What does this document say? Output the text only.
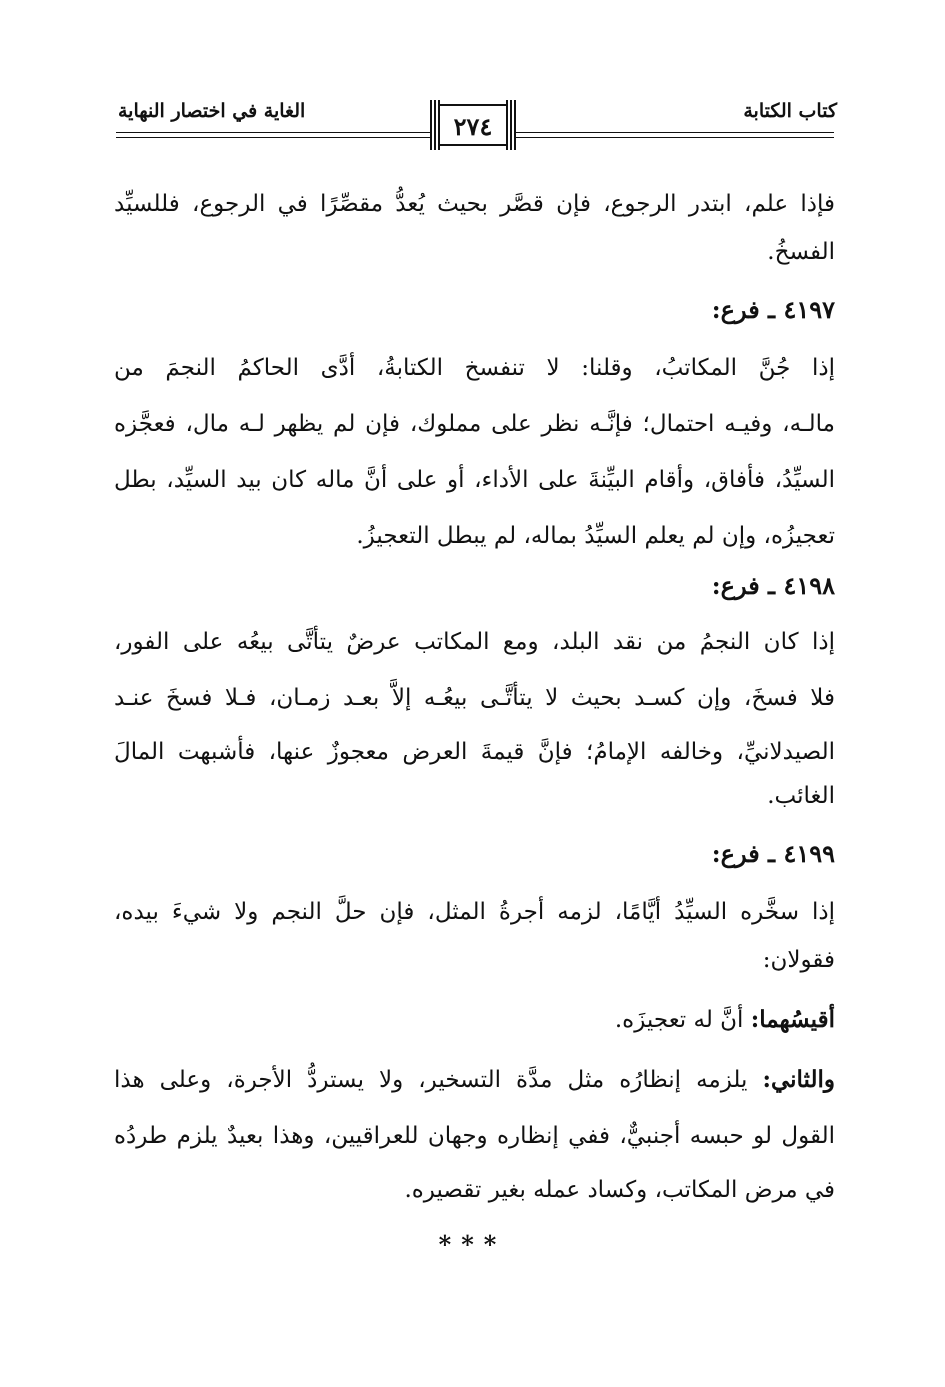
كتاب الكتابة
الغاية في اختصار النهاية
٢٧٤
فإذا علم، ابتدر الرجوع، فإن قصَّر بحيث يُعدُّ مقصِّرًا في الرجوع، فللسيِّد
الفسخُ.
٤١٩٧ ـ فرع:
إذا جُنَّ المكاتبُ، وقلنا: لا تنفسخ الكتابةُ، أدَّى الحاكمُ النجمَ من
مالـه، وفيـه احتمال؛ فإنَّـه نظر على مملوك، فإن لم يظهر لـه مال، فعجَّزه
السيِّدُ، فأفاق، وأقام البيِّنةَ على الأداء، أو على أنَّ ماله كان بيد السيِّد، بطل
تعجيزُه، وإن لم يعلم السيِّدُ بماله، لم يبطل التعجيزُ.
٤١٩٨ ـ فرع:
إذا كان النجمُ من نقد البلد، ومع المكاتب عرضٌ يتأتَّى بيعُه على الفور،
فلا فسخَ، وإن كسـد بحيث لا يتأتَّـى بيعُـه إلاَّ بعـد زمـان، فـلا فسخَ عنـد
الصيدلانيِّ، وخالفه الإمامُ؛ فإنَّ قيمةَ العرض معجوزٌ عنها، فأشبهت المالَ
الغائب.
٤١٩٩ ـ فرع:
إذا سخَّره السيِّدُ أيَّامًا، لزمه أجرةُ المثل، فإن حلَّ النجم ولا شيءَ بيده،
فقولان:
أقيسُهما: أنَّ له تعجيزَه.
والثاني: يلزمه إنظارُه مثل مدَّة التسخير، ولا يستردُّ الأجرة، وعلى هذا
القول لو حبسه أجنبيٌّ، ففي إنظاره وجهان للعراقيين، وهذا بعيدٌ يلزم طردُه
في مرض المكاتب، وكساد عمله بغير تقصيره.
***
